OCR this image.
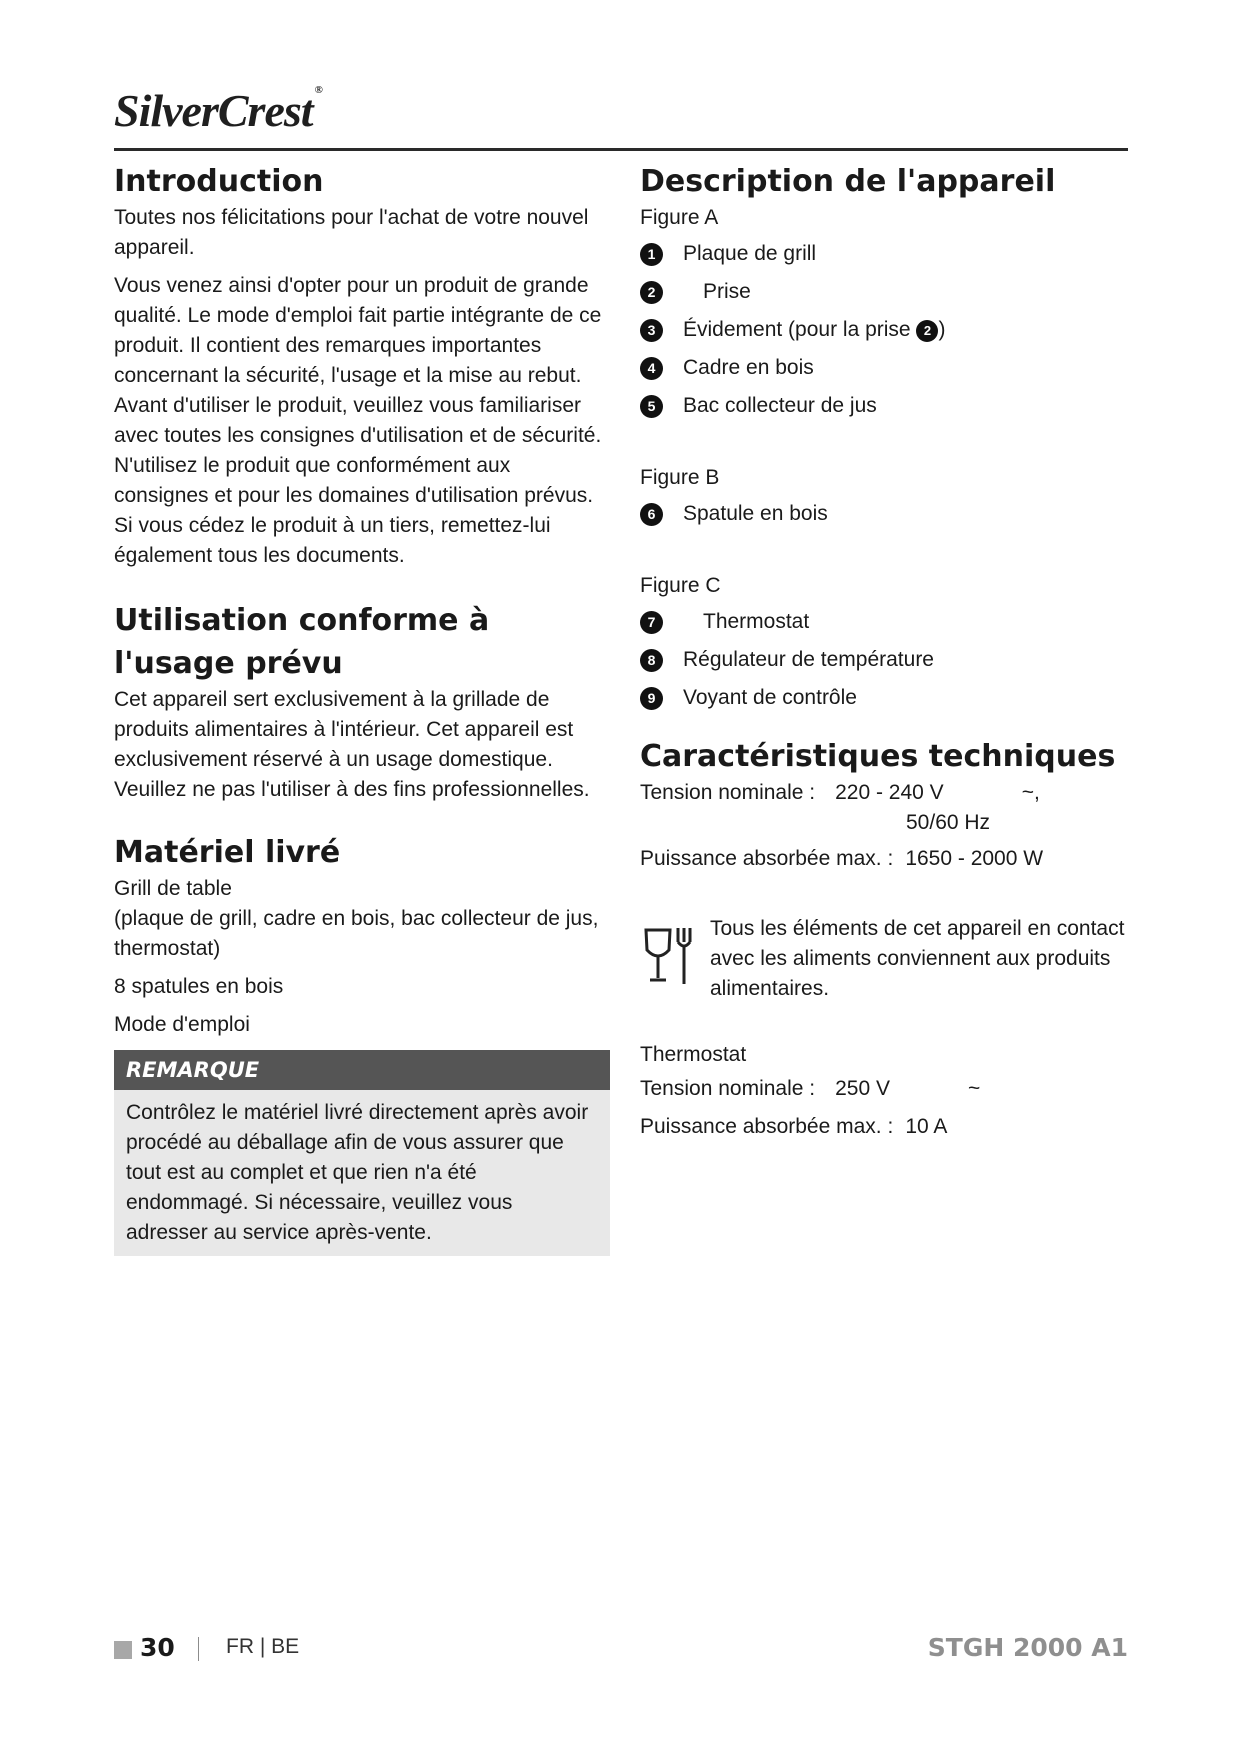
SilverCrest ®
Introduction

Toutes nos félicitations pour l'achat de votre nouvel appareil.

Vous venez ainsi d'opter pour un produit de grande qualité. Le mode d'emploi fait partie intégrante de ce produit. Il contient des remarques importantes concernant la sécurité, l'usage et la mise au rebut. Avant d'utiliser le produit, veuillez vous familiariser avec toutes les consignes d'utilisation et de sécurité. N'utilisez le produit que conformément aux consignes et pour les domaines d'utilisation prévus. Si vous cédez le produit à un tiers, remettez-lui également tous les documents.

Utilisation conforme à l'usage prévu

Cet appareil sert exclusivement à la grillade de produits alimentaires à l'intérieur. Cet appareil est exclusivement réservé à un usage domestique. Veuillez ne pas l'utiliser à des fins professionnelles.

Matériel livré

Grill de table

(plaque de grill, cadre en bois, bac collecteur de jus, thermostat)

8 spatules en bois

Mode d'emploi

REMARQUE

Contrôlez le matériel livré directement après avoir procédé au déballage afin de vous assurer que tout est au complet et que rien n'a été endommagé. Si nécessaire, veuillez vous adresser au service après-vente.

Description de l'appareil

Figure A

1	Plaque de grill
2	Prise
3	Évidement (pour la prise 2 )
4	Cadre en bois
5	Bac collecteur de jus

Figure B

6	Spatule en bois

Figure C

7	Thermostat
8	Régulateur de température
9	Voyant de contrôle
Caractéristiques techniques
Tension nominale : 220 - 240 V	~,
50/60 Hz
Puissance absorbée max. : 1650 - 2000 W
Tous les éléments de cet appareil en contact avec les aliments conviennent aux produits alimentaires.

Thermostat

Tension nominale : 250 V	~
Puissance absorbée max. : 10 A
30 FR | BE	STGH 2000 A1
